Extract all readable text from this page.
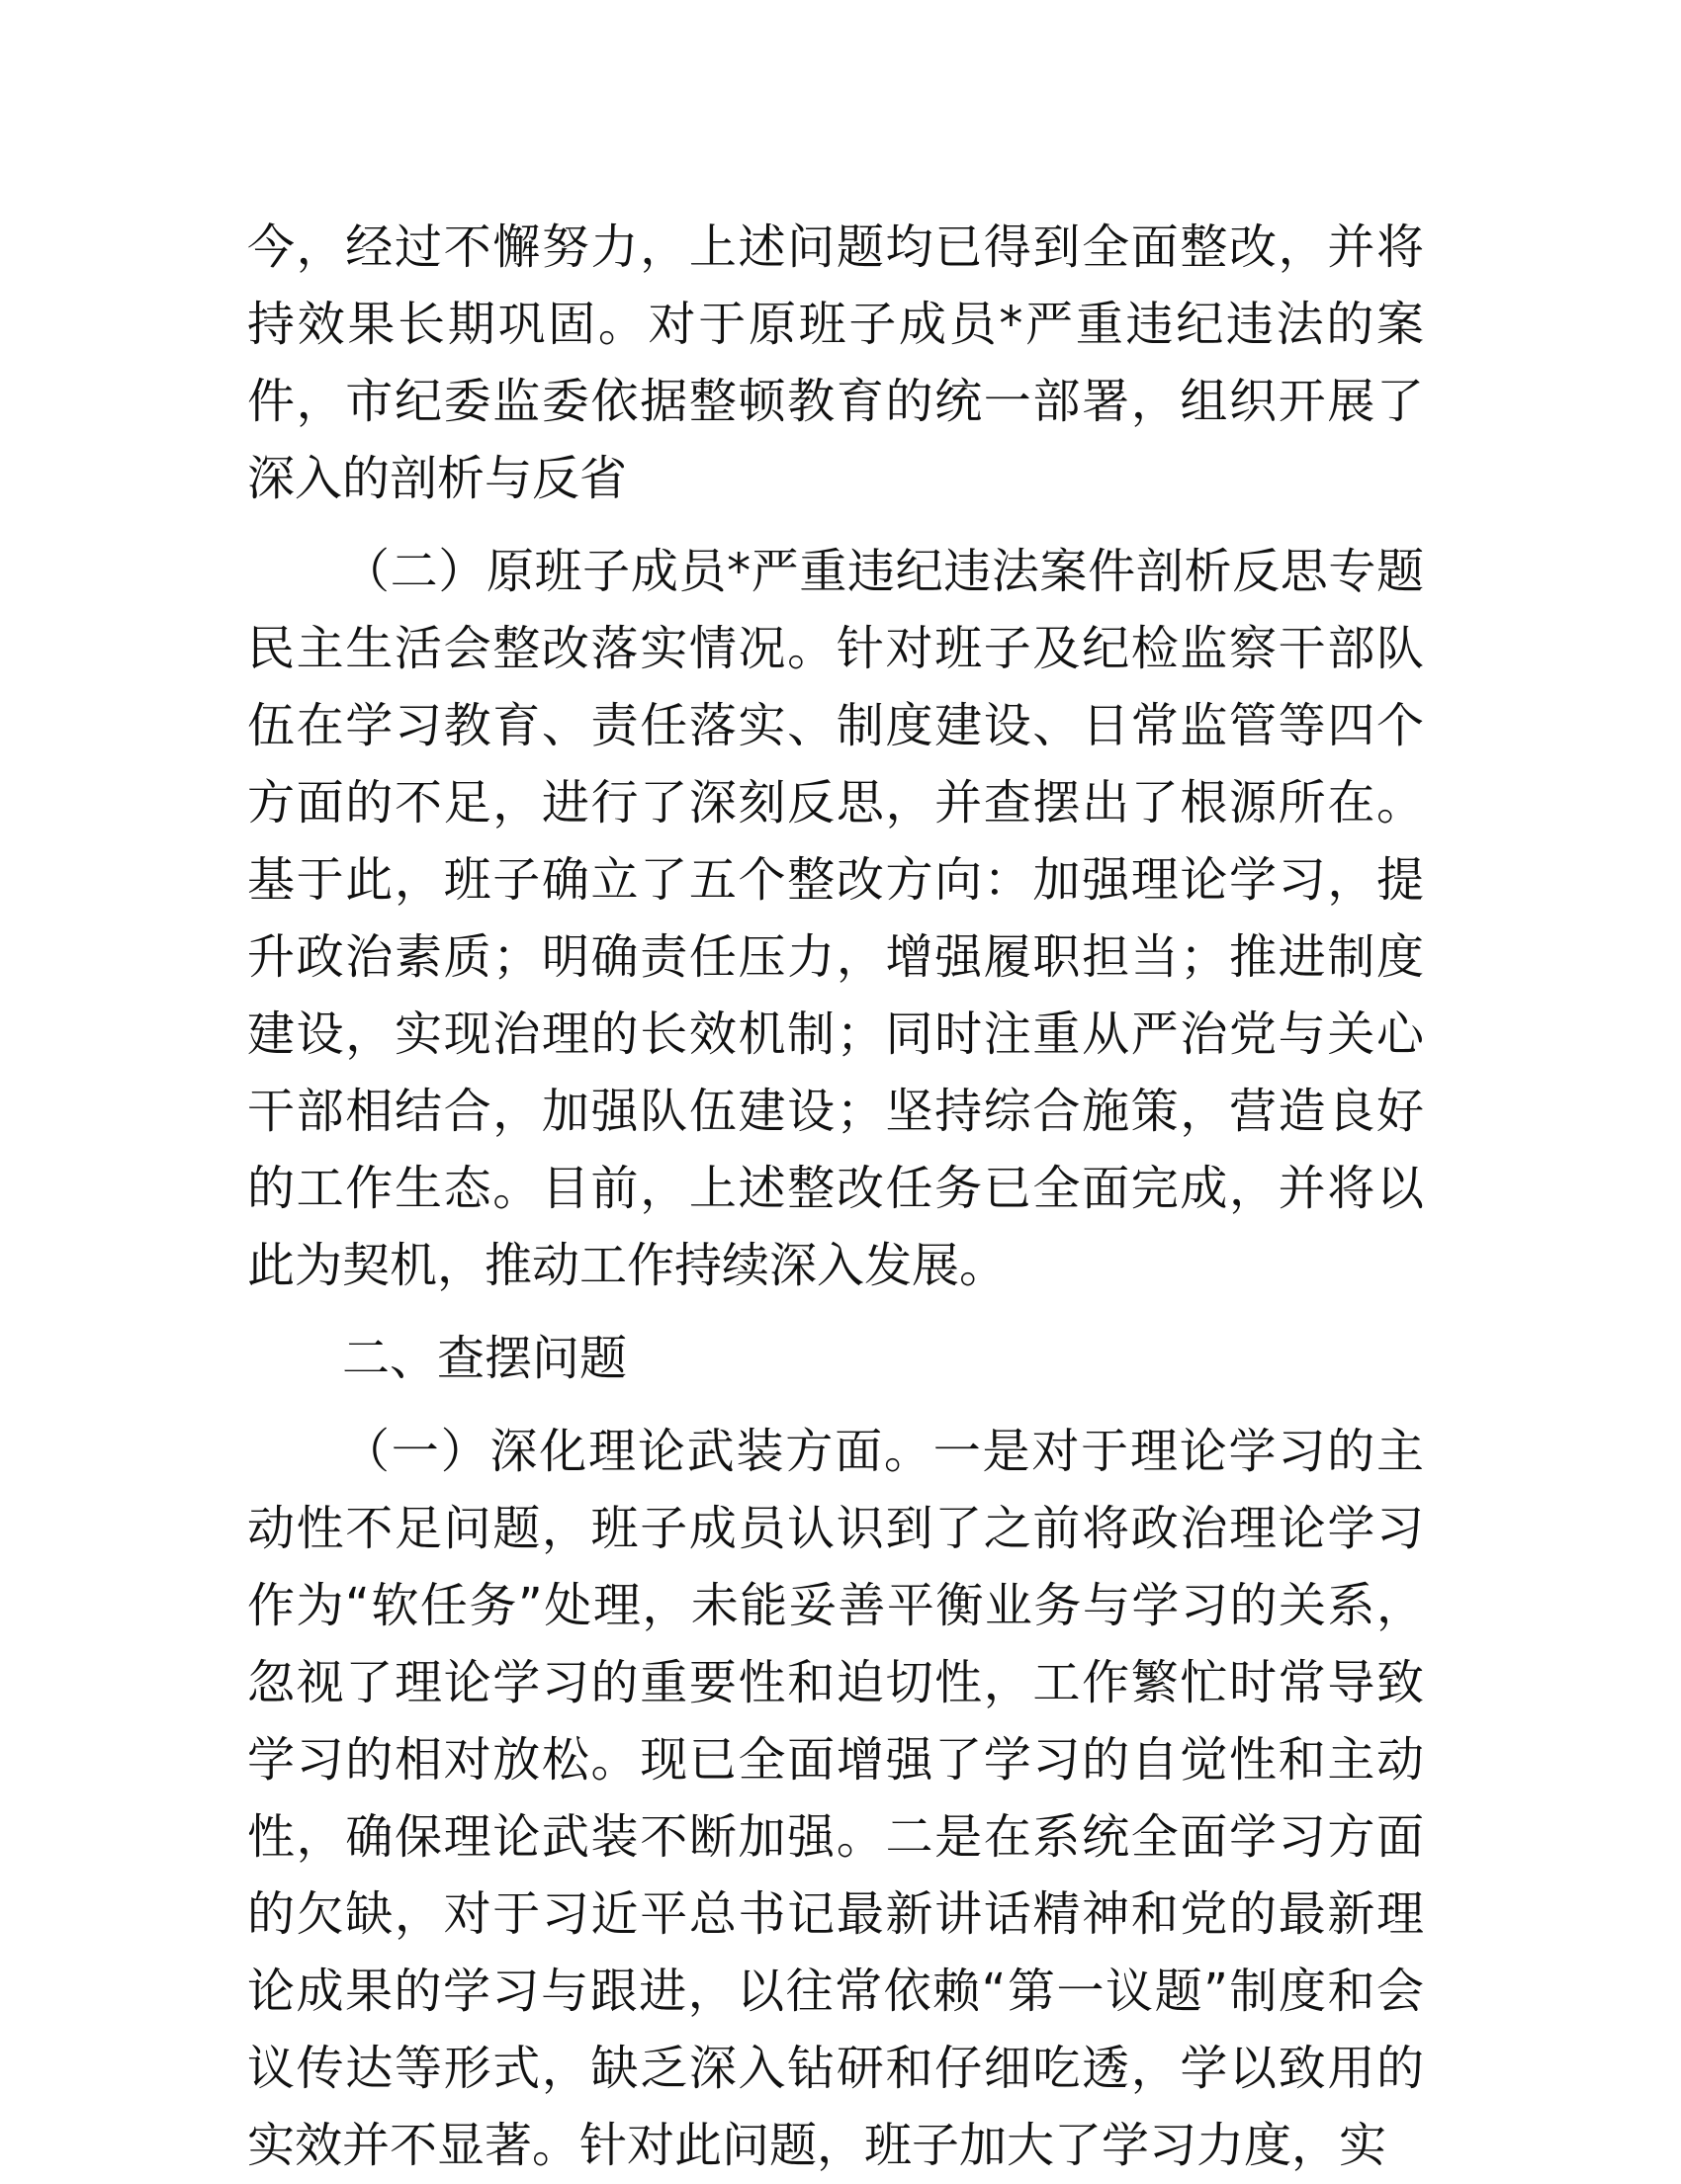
今，经过不懈努力，上述问题均已得到全面整改，并将持效果长期巩固。对于原班子成员*严重违纪违法的案件，市纪委监委依据整顿教育的统一部署，组织开展了深入的剖析与反省

（二）原班子成员*严重违纪违法案件剖析反思专题民主生活会整改落实情况。针对班子及纪检监察干部队伍在学习教育、责任落实、制度建设、日常监管等四个方面的不足，进行了深刻反思，并查摆出了根源所在。基于此，班子确立了五个整改方向：加强理论学习，提升政治素质；明确责任压力，增强履职担当；推进制度建设，实现治理的长效机制；同时注重从严治党与关心干部相结合，加强队伍建设；坚持综合施策，营造良好的工作生态。目前，上述整改任务已全面完成，并将以此为契机，推动工作持续深入发展。

二、查摆问题

（一）深化理论武装方面。一是对于理论学习的主动性不足问题，班子成员认识到了之前将政治理论学习作为“软任务”处理，未能妥善平衡业务与学习的关系，忽视了理论学习的重要性和迫切性，工作繁忙时常导致学习的相对放松。现已全面增强了学习的自觉性和主动性，确保理论武装不断加强。二是在系统全面学习方面的欠缺，对于习近平总书记最新讲话精神和党的最新理论成果的学习与跟进，以往常依赖“第一议题”制度和会议传达等形式，缺乏深入钻研和仔细吃透，学以致用的实效并不显著。针对此问题，班子加大了学习力度，实
